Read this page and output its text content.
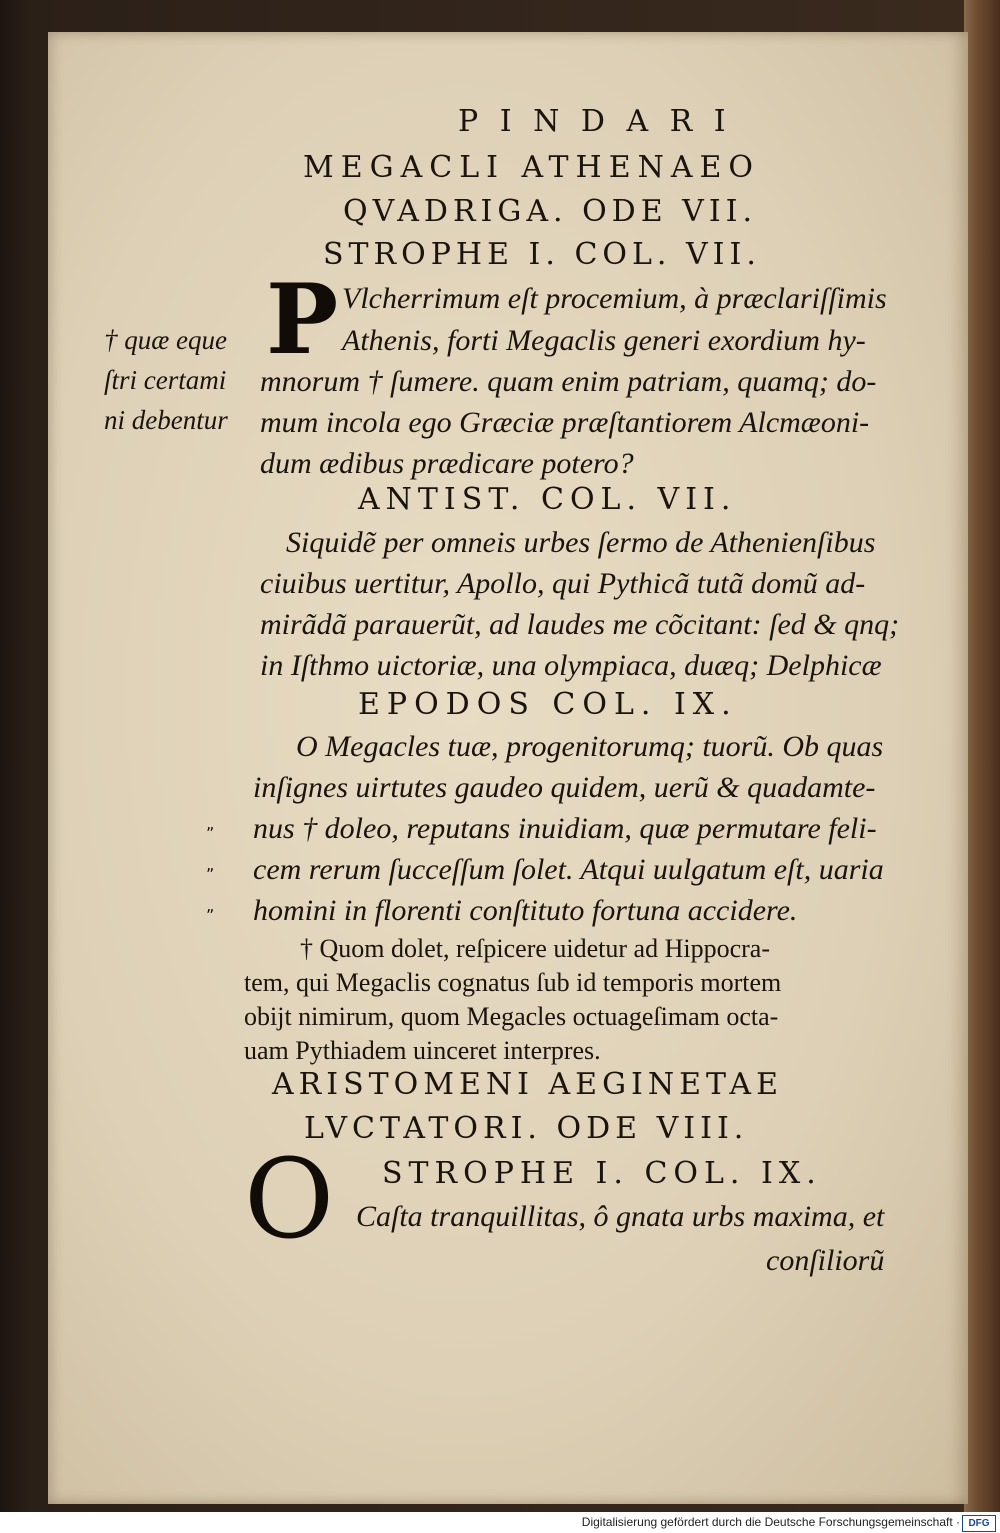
P I N D A R I
MEGACLI ATHENAEO
QVADRIGA. ODE VII.
STROPHE I. COL. VII.
P Vlcherrimum eſt procemium, à præclariſſimis
Athenis, forti Megaclis generi exordium hy-
mnorum † ſumere. quam enim patriam, quamq; do-
mum incola ego Græciæ præſtantiorem Alcmæoni-
dum ædibus prædicare potero?
† quæ eque
ſtri certami
ni debentur
ANTIST. COL. VII.
Siquidẽ per omneis urbes ſermo de Athenienſibus
ciuibus uertitur, Apollo, qui Pythicã tutã domũ ad-
mirãdã parauerũt, ad laudes me cõcitant: ſed & qnq;
in Iſthmo uictoriæ, una olympiaca, duæq; Delphicæ
EPODOS COL. IX.
O Megacles tuæ, progenitorumq; tuorũ. Ob quas
inſignes uirtutes gaudeo quidem, uerũ & quadamte-
nus † doleo, reputans inuidiam, quæ permutare feli-
cem rerum ſucceſſum ſolet. Atqui uulgatum eſt, uaria
homini in florenti conſtituto fortuna accidere.
„
„
„
† Quom dolet, reſpicere uidetur ad Hippocra-
tem, qui Megaclis cognatus ſub id temporis mortem
obijt nimirum, quom Megacles octuageſimam octa-
uam Pythiadem uinceret interpres.
ARISTOMENI AEGINETAE
LVCTATORI. ODE VIII.
O STROPHE I. COL. IX.
Caſta tranquillitas, ô gnata urbs maxima, et
conſiliorũ
Digitalisierung gefördert durch die Deutsche Forschungsgemeinschaft · DFG
